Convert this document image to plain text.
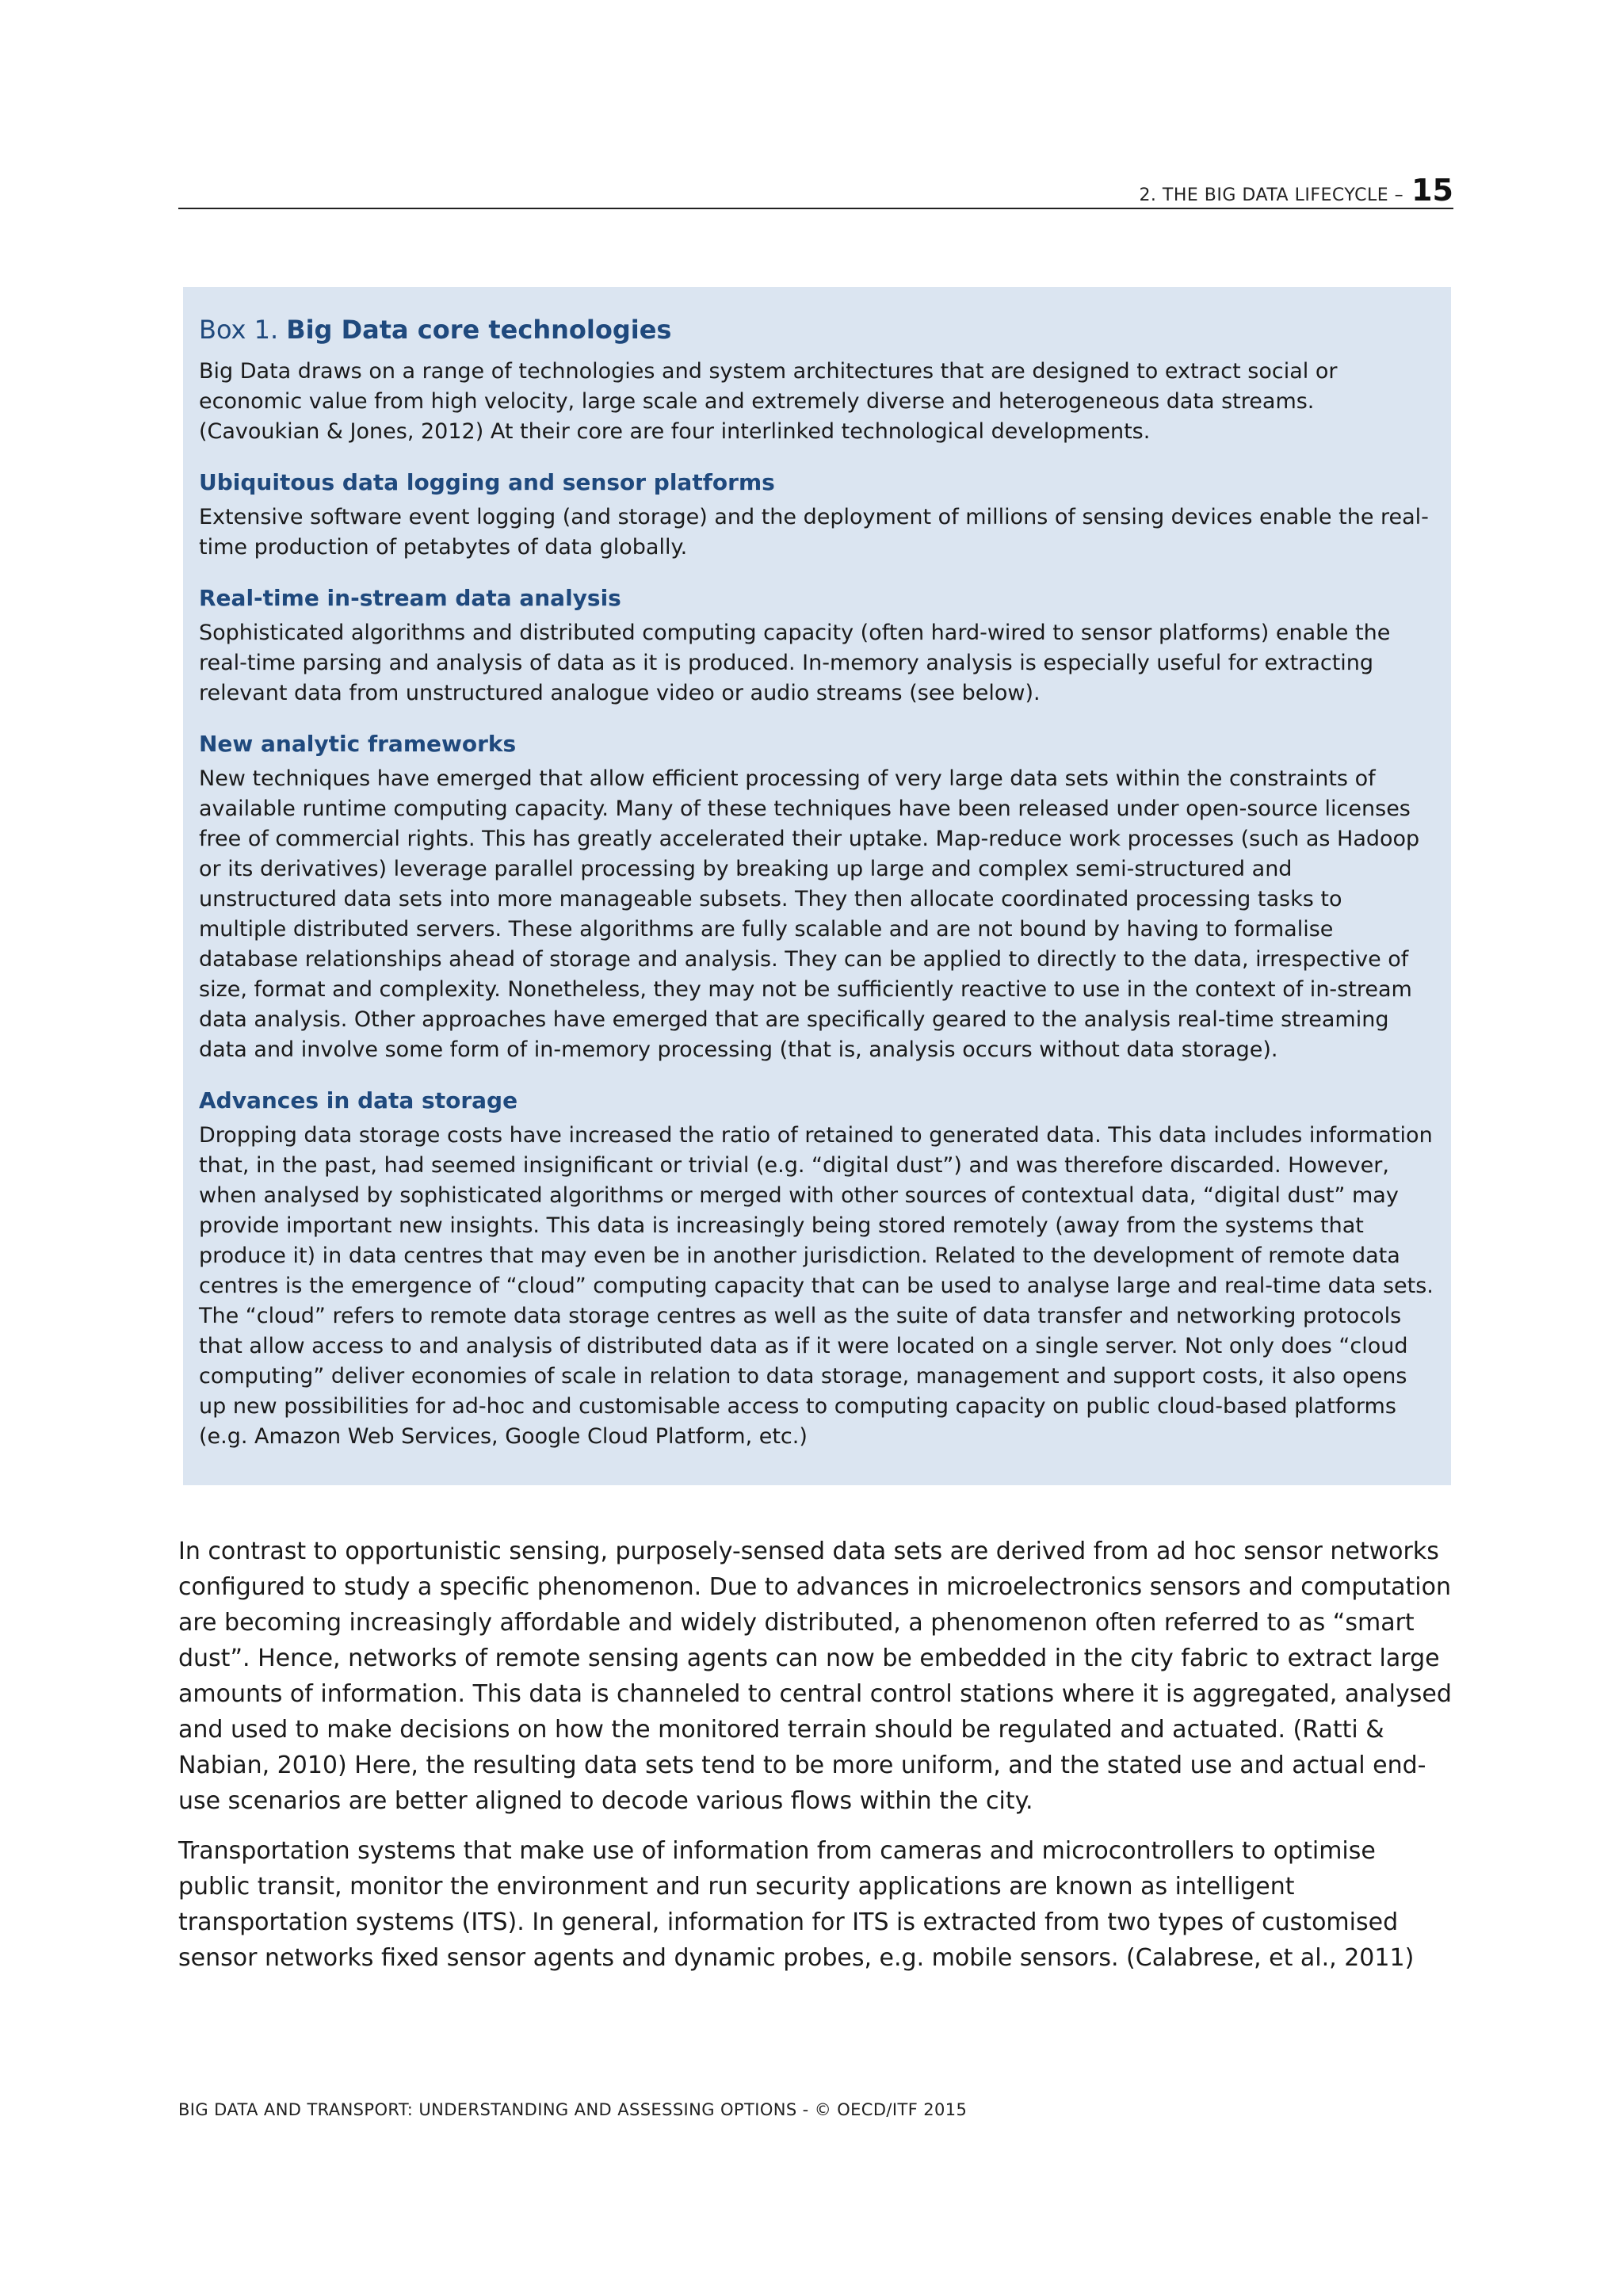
2. THE BIG DATA LIFECYCLE – 15
Box 1. Big Data core technologies

Big Data draws on a range of technologies and system architectures that are designed to extract social or economic value from high velocity, large scale and extremely diverse and heterogeneous data streams. (Cavoukian & Jones, 2012) At their core are four interlinked technological developments.

Ubiquitous data logging and sensor platforms

Extensive software event logging (and storage) and the deployment of millions of sensing devices enable the real-time production of petabytes of data globally.

Real-time in-stream data analysis

Sophisticated algorithms and distributed computing capacity (often hard-wired to sensor platforms) enable the real-time parsing and analysis of data as it is produced. In-memory analysis is especially useful for extracting relevant data from unstructured analogue video or audio streams (see below).

New analytic frameworks

New techniques have emerged that allow efficient processing of very large data sets within the constraints of available runtime computing capacity. Many of these techniques have been released under open-source licenses free of commercial rights. This has greatly accelerated their uptake. Map-reduce work processes (such as Hadoop or its derivatives) leverage parallel processing by breaking up large and complex semi-structured and unstructured data sets into more manageable subsets. They then allocate coordinated processing tasks to multiple distributed servers. These algorithms are fully scalable and are not bound by having to formalise database relationships ahead of storage and analysis. They can be applied to directly to the data, irrespective of size, format and complexity. Nonetheless, they may not be sufficiently reactive to use in the context of in-stream data analysis. Other approaches have emerged that are specifically geared to the analysis real-time streaming data and involve some form of in-memory processing (that is, analysis occurs without data storage).

Advances in data storage

Dropping data storage costs have increased the ratio of retained to generated data. This data includes information that, in the past, had seemed insignificant or trivial (e.g. “digital dust”) and was therefore discarded. However, when analysed by sophisticated algorithms or merged with other sources of contextual data, “digital dust” may provide important new insights. This data is increasingly being stored remotely (away from the systems that produce it) in data centres that may even be in another jurisdiction. Related to the development of remote data centres is the emergence of “cloud” computing capacity that can be used to analyse large and real-time data sets. The “cloud” refers to remote data storage centres as well as the suite of data transfer and networking protocols that allow access to and analysis of distributed data as if it were located on a single server. Not only does “cloud computing” deliver economies of scale in relation to data storage, management and support costs, it also opens up new possibilities for ad-hoc and customisable access to computing capacity on public cloud-based platforms (e.g. Amazon Web Services, Google Cloud Platform, etc.)

In contrast to opportunistic sensing, purposely-sensed data sets are derived from ad hoc sensor networks configured to study a specific phenomenon. Due to advances in microelectronics sensors and computation are becoming increasingly affordable and widely distributed, a phenomenon often referred to as “smart dust”. Hence, networks of remote sensing agents can now be embedded in the city fabric to extract large amounts of information. This data is channeled to central control stations where it is aggregated, analysed and used to make decisions on how the monitored terrain should be regulated and actuated. (Ratti & Nabian, 2010) Here, the resulting data sets tend to be more uniform, and the stated use and actual end-use scenarios are better aligned to decode various flows within the city.

Transportation systems that make use of information from cameras and microcontrollers to optimise public transit, monitor the environment and run security applications are known as intelligent transportation systems (ITS). In general, information for ITS is extracted from two types of customised sensor networks fixed sensor agents and dynamic probes, e.g. mobile sensors. (Calabrese, et al., 2011)

BIG DATA AND TRANSPORT: UNDERSTANDING AND ASSESSING OPTIONS - © OECD/ITF 2015
